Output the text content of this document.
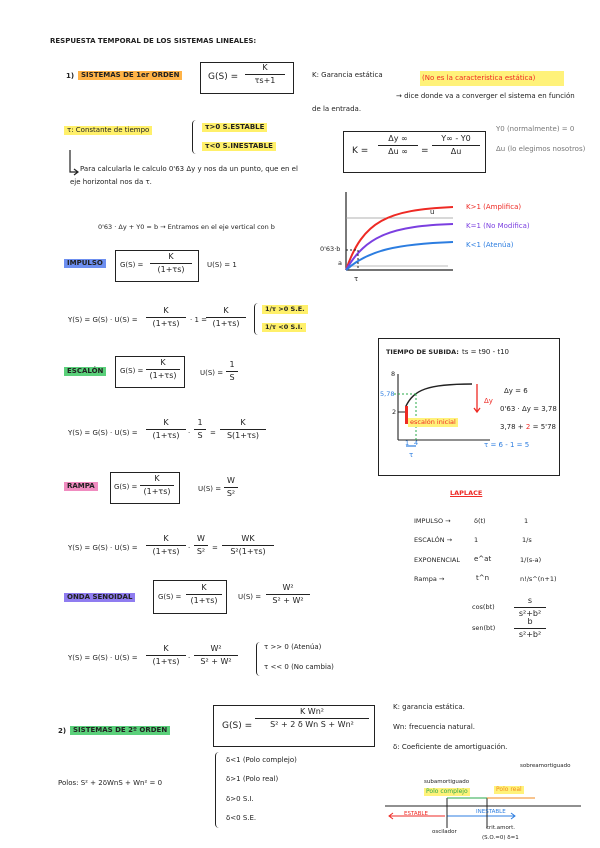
RESPUESTA TEMPORAL DE LOS SISTEMAS LINEALES:
1) SISTEMAS DE 1er ORDEN	$G(S) = \frac{K}{\tau s+1}$	K: Garancia estática	(No es la caracteristica estática)
→ dice donde va a converger el sistema en función de la entrada.
τ: Constante de tiempo	τ>0 S.ESTABLE
τ<0 S.INESTABLE	$K = \frac{\Delta y \infty}{\Delta u \infty} = \frac{Y\infty - Y0}{\Delta u}$
Y0 (normalmente) = 0
Δu (lo elegimos nosotros)
Para calcularla le calculo 0'63 Δy y nos da un punto, que en el eje horizontal nos da τ.
0'63 · Δy + Y0 = b → Entramos en el eje vertical con b
u
0'63·b
a
τ
K>1 (Amplifica)
K=1 (No Modifica)
K<1 (Atenúa)
IMPULSO	$G(S) = \frac{K}{(1+\tau s)} U(S) = 1$
$Y(S) = G(S) \cdot U(S) = \frac{K}{(1+\tau s)} \cdot 1 = \frac{K}{(1+\tau s)}$	1/τ >0 S.E.
1/τ <0 S.I.
ESCALÓN	$G(S) = \frac{K}{(1+\tau s)}$	$U(S) = \frac{1}{S}$
$Y(S) = G(S) \cdot U(S) = \frac{K}{(1+\tau s)} \cdot \frac{1}{S} = \frac{K}{S(1+\tau s)}$
RAMPA	$G(S) = \frac{K}{(1+\tau s)}$	$U(S) = \frac{W}{\text{S²}}$
$Y(S) = G(S) \cdot U(S) = \frac{K}{(1+\tau s)} \cdot \frac{W}{\text{S²}} = \frac{WK}{\text{S²(1+τs)}}$
ONDA SENOIDAL	$G(S) = \frac{K}{(1+\tau s)} U(S) = \frac{\text{W²}}{\text{S² + W²}}$
$Y(S) = G(S) \cdot U(S) = \frac{K}{(1+\tau s)} \cdot \frac{\text{W²}}{\text{S² + W²}}$	τ >> 0 (Atenúa)
τ << 0 (No cambia)
TIEMPO DE SUBIDA: ts = t90 - t10
8
5,78
2
Δy
escalón inicial
1 4
τ
Δy = 6
0'63 · Δy = 3,78
3,78 + 2 = 5'78
τ = 6 - 1 = 5
LAPLACE
IMPULSO →	δ(t)	1
ESCALÓN →	1	1/s
EXPONENCIAL e^at	1/(s-a)
Rampa →	t^n	n!/s^(n+1)
$\cos(bt) \frac{s}{\text{s²+b²}}$
$sen(bt) \frac{b}{\text{s²+b²}}$
2) SISTEMAS DE 2º ORDEN	$G(S) = \frac{\text{K Wn²}}{\text{S² + 2 δ Wn S + Wn²}}$
K: garancia estática.
Wn: frecuencia natural.
δ: Coeficiente de amortiguación.
Polos: S² + 2δWnS + Wn² = 0
δ<1 (Polo complejo)
δ>1 (Polo real)
δ>0 S.I.
δ<0 S.E.
subamortiguado
sobreamortiguado
Polo complejo	Polo real
ESTABLE	INESTABLE
oscilador
crit.amort.
(S.O.=0) δ=1
